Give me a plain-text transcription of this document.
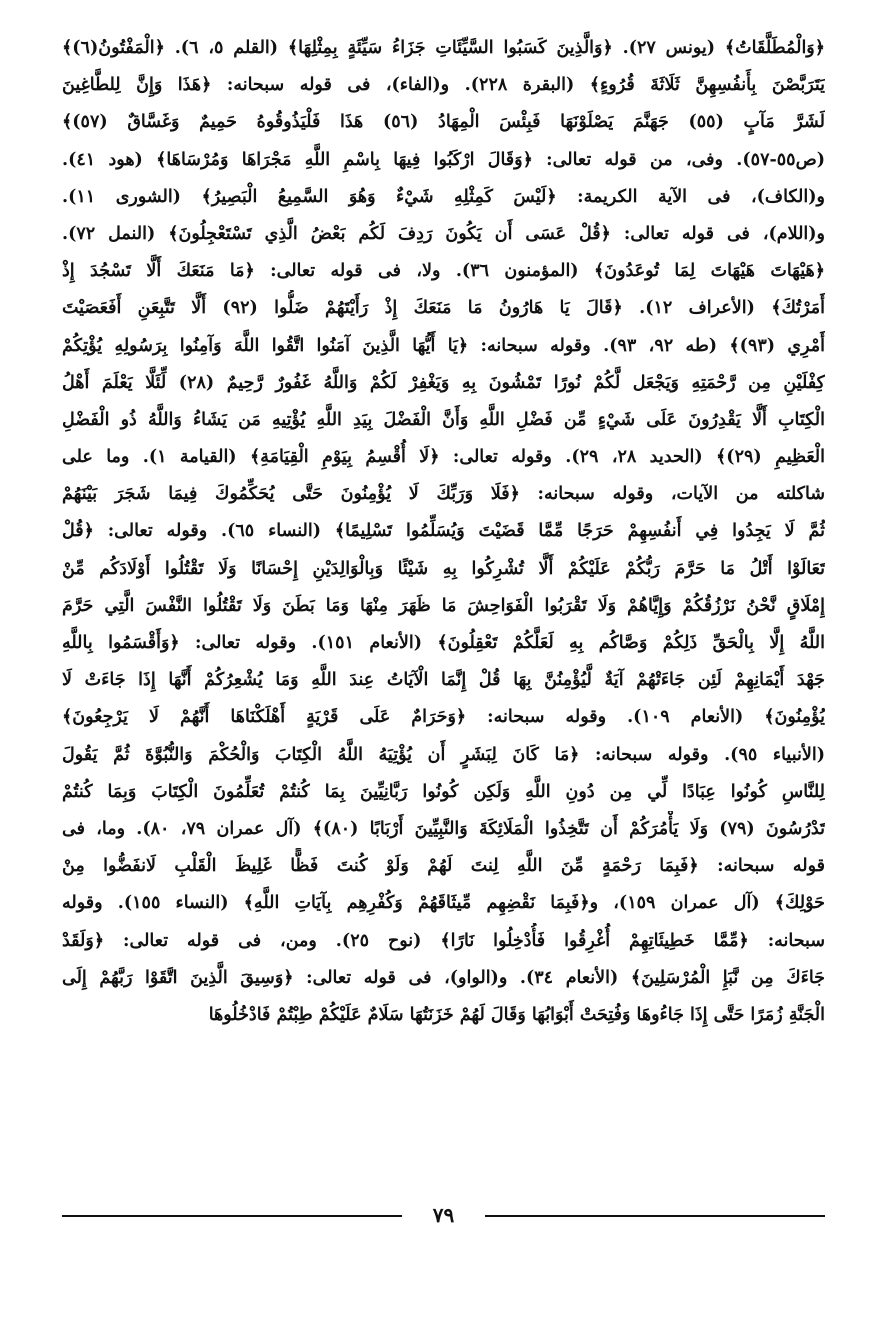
﴿وَالْمُطَلَّقَاتُ﴾ (يونس ٢٧). ﴿وَالَّذِينَ كَسَبُوا السَّيِّئَاتِ جَزَاءُ سَيِّئَةٍ بِمِثْلِهَا﴾ (القلم ٥، ٦). ﴿الْمَفْتُونُ(٦)﴾
يَتَرَبَّصْنَ بِأَنفُسِهِنَّ ثَلَاثَةَ قُرُوءٍ﴾ (البقرة ٢٢٨). و(الفاء)، فى قوله سبحانه: ﴿هَذَا وَإِنَّ لِلطَّاغِينَ
لَشَرَّ مَآبٍ (٥٥) جَهَنَّمَ يَصْلَوْنَهَا فَبِئْسَ الْمِهَادُ (٥٦) هَذَا فَلْيَذُوقُوهُ حَمِيمٌ وَغَسَّاقٌ (٥٧)﴾
(ص٥٥-٥٧). وفى، من قوله تعالى: ﴿وَقَالَ ارْكَبُوا فِيهَا بِاسْمِ اللَّهِ مَجْرَاهَا وَمُرْسَاهَا﴾ (هود ٤١).
و(الكاف)، فى الآية الكريمة: ﴿لَيْسَ كَمِثْلِهِ شَيْءٌ وَهُوَ السَّمِيعُ الْبَصِيرُ﴾ (الشورى ١١).
و(اللام)، فى قوله تعالى: ﴿قُلْ عَسَى أَن يَكُونَ رَدِفَ لَكُم بَعْضُ الَّذِي تَسْتَعْجِلُونَ﴾ (النمل ٧٢).
﴿هَيْهَاتَ هَيْهَاتَ لِمَا تُوعَدُونَ﴾ (المؤمنون ٣٦). ولا، فى قوله تعالى: ﴿مَا مَنَعَكَ أَلَّا تَسْجُدَ إِذْ
أَمَرْتُكَ﴾ (الأعراف ١٢). ﴿قَالَ يَا هَارُونُ مَا مَنَعَكَ إِذْ رَأَيْتَهُمْ ضَلُّوا (٩٢) أَلَّا تَتَّبِعَنِ أَفَعَصَيْتَ
أَمْرِي (٩٣)﴾ (طه ٩٢، ٩٣). وقوله سبحانه: ﴿يَا أَيُّهَا الَّذِينَ آمَنُوا اتَّقُوا اللَّهَ وَآمِنُوا بِرَسُولِهِ يُؤْتِكُمْ
كِفْلَيْنِ مِن رَّحْمَتِهِ وَيَجْعَل لَّكُمْ نُورًا تَمْشُونَ بِهِ وَيَغْفِرْ لَكُمْ وَاللَّهُ غَفُورٌ رَّحِيمٌ (٢٨) لِّئَلَّا يَعْلَمَ أَهْلُ
الْكِتَابِ أَلَّا يَقْدِرُونَ عَلَى شَيْءٍ مِّن فَضْلِ اللَّهِ وَأَنَّ الْفَضْلَ بِيَدِ اللَّهِ يُؤْتِيهِ مَن يَشَاءُ وَاللَّهُ ذُو الْفَضْلِ
الْعَظِيمِ (٢٩)﴾ (الحديد ٢٨، ٢٩). وقوله تعالى: ﴿لَا أُقْسِمُ بِيَوْمِ الْقِيَامَةِ﴾ (القيامة ١). وما على
شاكلته من الآيات، وقوله سبحانه: ﴿فَلَا وَرَبِّكَ لَا يُؤْمِنُونَ حَتَّى يُحَكِّمُوكَ فِيمَا شَجَرَ بَيْنَهُمْ
ثُمَّ لَا يَجِدُوا فِي أَنفُسِهِمْ حَرَجًا مِّمَّا قَضَيْتَ وَيُسَلِّمُوا تَسْلِيمًا﴾ (النساء ٦٥). وقوله تعالى: ﴿قُلْ
تَعَالَوْا أَتْلُ مَا حَرَّمَ رَبُّكُمْ عَلَيْكُمْ أَلَّا تُشْرِكُوا بِهِ شَيْئًا وَبِالْوَالِدَيْنِ إِحْسَانًا وَلَا تَقْتُلُوا أَوْلَادَكُم مِّنْ
إِمْلَاقٍ نَّحْنُ نَرْزُقُكُمْ وَإِيَّاهُمْ وَلَا تَقْرَبُوا الْفَوَاحِشَ مَا ظَهَرَ مِنْهَا وَمَا بَطَنَ وَلَا تَقْتُلُوا النَّفْسَ الَّتِي حَرَّمَ
اللَّهُ إِلَّا بِالْحَقِّ ذَلِكُمْ وَصَّاكُم بِهِ لَعَلَّكُمْ تَعْقِلُونَ﴾ (الأنعام ١٥١). وقوله تعالى: ﴿وَأَقْسَمُوا بِاللَّهِ
جَهْدَ أَيْمَانِهِمْ لَئِن جَاءَتْهُمْ آيَةٌ لَّيُؤْمِنُنَّ بِهَا قُلْ إِنَّمَا الْآيَاتُ عِندَ اللَّهِ وَمَا يُشْعِرُكُمْ أَنَّهَا إِذَا جَاءَتْ لَا
يُؤْمِنُونَ﴾ (الأنعام ١٠٩). وقوله سبحانه: ﴿وَحَرَامٌ عَلَى قَرْيَةٍ أَهْلَكْنَاهَا أَنَّهُمْ لَا يَرْجِعُونَ﴾
(الأنبياء ٩٥). وقوله سبحانه: ﴿مَا كَانَ لِبَشَرٍ أَن يُؤْتِيَهُ اللَّهُ الْكِتَابَ وَالْحُكْمَ وَالنُّبُوَّةَ ثُمَّ يَقُولَ
لِلنَّاسِ كُونُوا عِبَادًا لِّي مِن دُونِ اللَّهِ وَلَكِن كُونُوا رَبَّانِيِّينَ بِمَا كُنتُمْ تُعَلِّمُونَ الْكِتَابَ وَبِمَا كُنتُمْ
تَدْرُسُونَ (٧٩) وَلَا يَأْمُرَكُمْ أَن تَتَّخِذُوا الْمَلَائِكَةَ وَالنَّبِيِّينَ أَرْبَابًا (٨٠)﴾ (آل عمران ٧٩، ٨٠). وما، فى
قوله سبحانه: ﴿فَبِمَا رَحْمَةٍ مِّنَ اللَّهِ لِنتَ لَهُمْ وَلَوْ كُنتَ فَظًّا غَلِيظَ الْقَلْبِ لَانفَضُّوا مِنْ
حَوْلِكَ﴾ (آل عمران ١٥٩)، و﴿فَبِمَا نَقْضِهِم مِّيثَاقَهُمْ وَكُفْرِهِم بِآيَاتِ اللَّهِ﴾ (النساء ١٥٥). وقوله
سبحانه: ﴿مِّمَّا خَطِيئَاتِهِمْ أُغْرِقُوا فَأُدْخِلُوا نَارًا﴾ (نوح ٢٥). ومن، فى قوله تعالى: ﴿وَلَقَدْ
جَاءَكَ مِن نَّبَإِ الْمُرْسَلِينَ﴾ (الأنعام ٣٤). و(الواو)، فى قوله تعالى: ﴿وَسِيقَ الَّذِينَ اتَّقَوْا رَبَّهُمْ إِلَى
الْجَنَّةِ زُمَرًا حَتَّى إِذَا جَاءُوهَا وَفُتِحَتْ أَبْوَابُهَا وَقَالَ لَهُمْ خَزَنَتُهَا سَلَامٌ عَلَيْكُمْ طِبْتُمْ فَادْخُلُوهَا
٧٩
